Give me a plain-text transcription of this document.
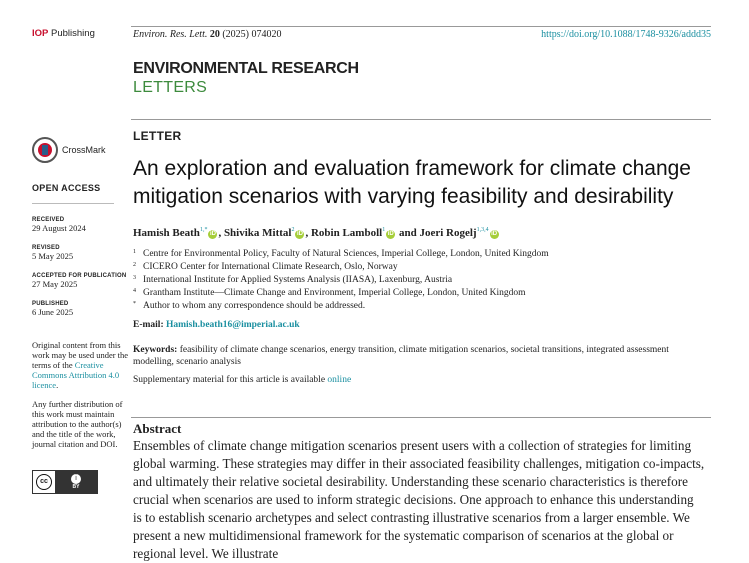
IOP Publishing	Environ. Res. Lett. 20 (2025) 074020	https://doi.org/10.1088/1748-9326/addd35
ENVIRONMENTAL RESEARCH
LETTERS
LETTER
CrossMark
OPEN ACCESS
RECEIVED
29 August 2024
REVISED
5 May 2025
ACCEPTED FOR PUBLICATION
27 May 2025
PUBLISHED
6 June 2025
Original content from this work may be used under the terms of the Creative Commons Attribution 4.0 licence.
Any further distribution of this work must maintain attribution to the author(s) and the title of the work, journal citation and DOI.
cc	i
BY
An exploration and evaluation framework for climate change mitigation scenarios with varying feasibility and desirability
Hamish Beath$^{1,*}$iD , Shivika Mittal$^2$iD , Robin Lamboll$^1$iD and Joeri Rogelj$^{1,3,4}$iD
$^1$ Centre for Environmental Policy, Faculty of Natural Sciences, Imperial College, London, United Kingdom
$^2$ CICERO Center for International Climate Research, Oslo, Norway
$^3$ International Institute for Applied Systems Analysis (IIASA), Laxenburg, Austria
$^4$ Grantham Institute—Climate Change and Environment, Imperial College, London, United Kingdom
* Author to whom any correspondence should be addressed.
E-mail: Hamish.beath16@imperial.ac.uk
Keywords: feasibility of climate change scenarios, energy transition, climate mitigation scenarios, societal transitions, integrated assessment modelling, scenario analysis
Supplementary material for this article is available online
Abstract
Ensembles of climate change mitigation scenarios present users with a collection of strategies for limiting global warming. These strategies may differ in their associated feasibility challenges, mitigation co-impacts, and ultimately their relative societal desirability. Understanding these scenario characteristics is therefore crucial when scenarios are used to inform strategic decisions. One approach to enhance this understanding is to establish scenario archetypes and select contrasting illustrative scenarios from a larger ensemble. We present a new multidimensional framework for the systematic comparison of scenarios at the global or regional level. We illustrate
